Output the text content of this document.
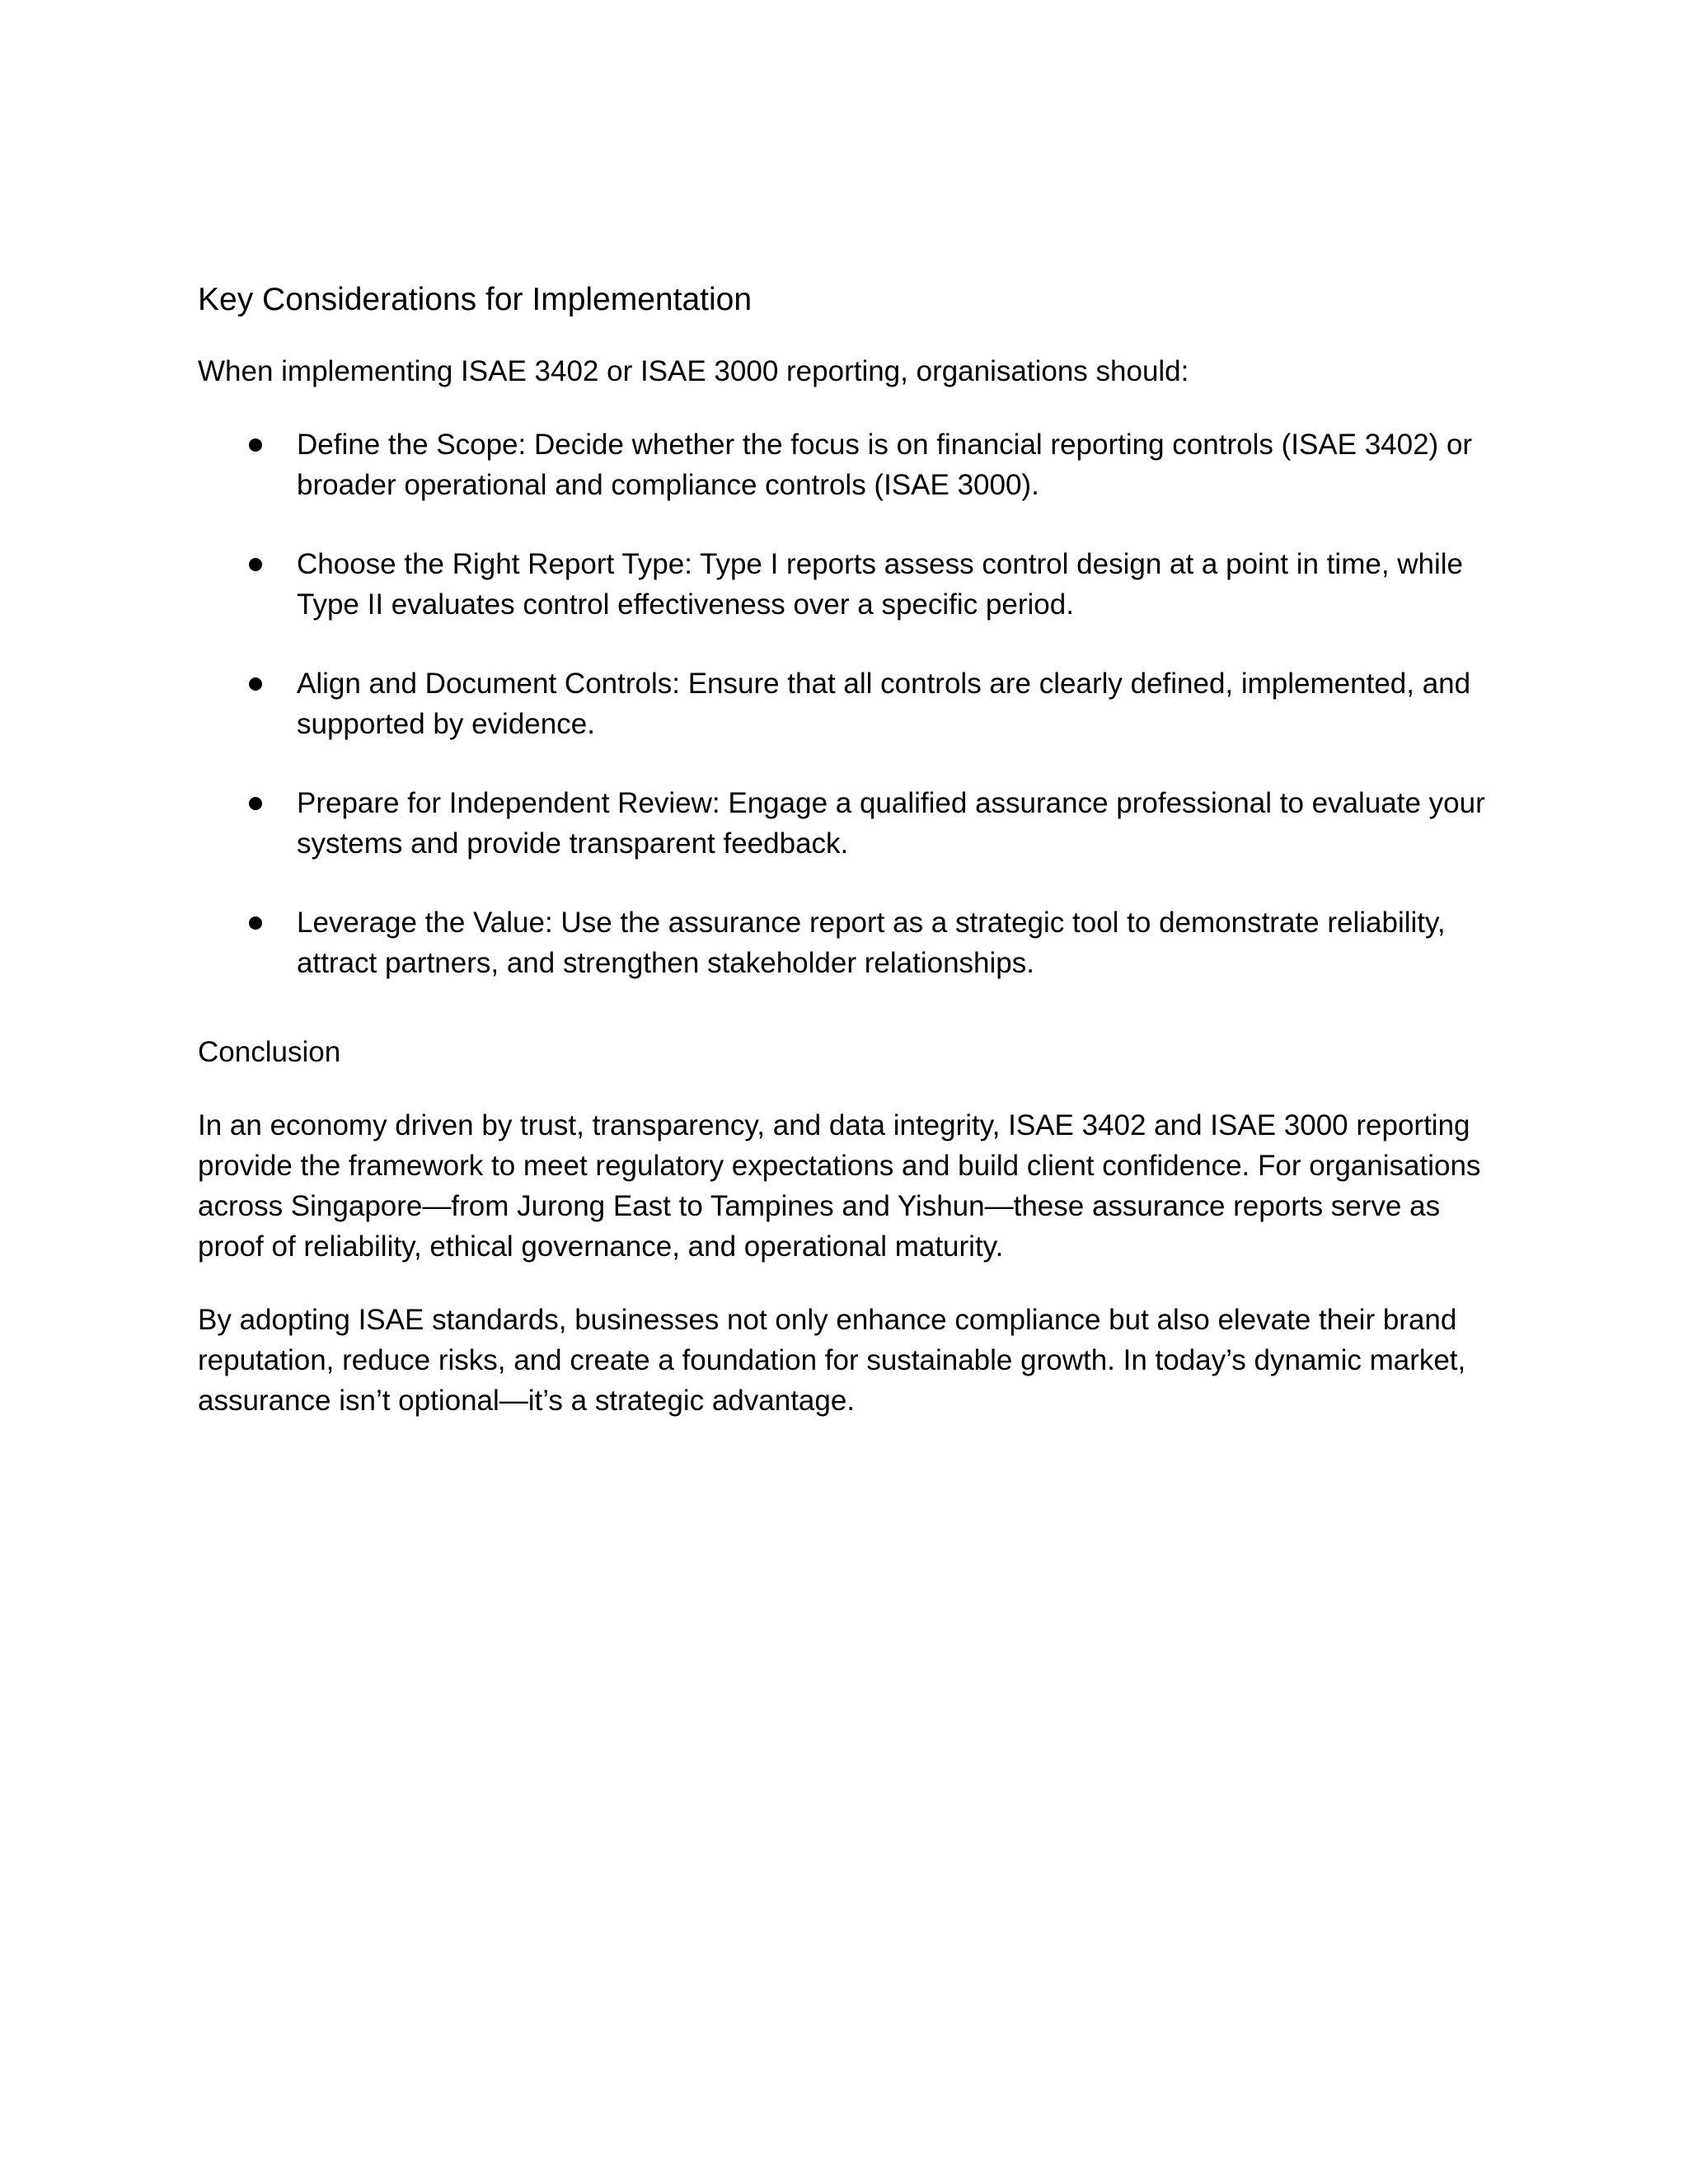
Key Considerations for Implementation

When implementing ISAE 3402 or ISAE 3000 reporting, organisations should:

Define the Scope: Decide whether the focus is on financial reporting controls (ISAE 3402) or broader operational and compliance controls (ISAE 3000).
Choose the Right Report Type: Type I reports assess control design at a point in time, while Type II evaluates control effectiveness over a specific period.
Align and Document Controls: Ensure that all controls are clearly defined, implemented, and supported by evidence.
Prepare for Independent Review: Engage a qualified assurance professional to evaluate your systems and provide transparent feedback.
Leverage the Value: Use the assurance report as a strategic tool to demonstrate reliability, attract partners, and strengthen stakeholder relationships.
Conclusion

In an economy driven by trust, transparency, and data integrity, ISAE 3402 and ISAE 3000 reporting provide the framework to meet regulatory expectations and build client confidence. For organisations across Singapore—from Jurong East to Tampines and Yishun—these assurance reports serve as proof of reliability, ethical governance, and operational maturity.

By adopting ISAE standards, businesses not only enhance compliance but also elevate their brand reputation, reduce risks, and create a foundation for sustainable growth. In today’s dynamic market, assurance isn’t optional—it’s a strategic advantage.
